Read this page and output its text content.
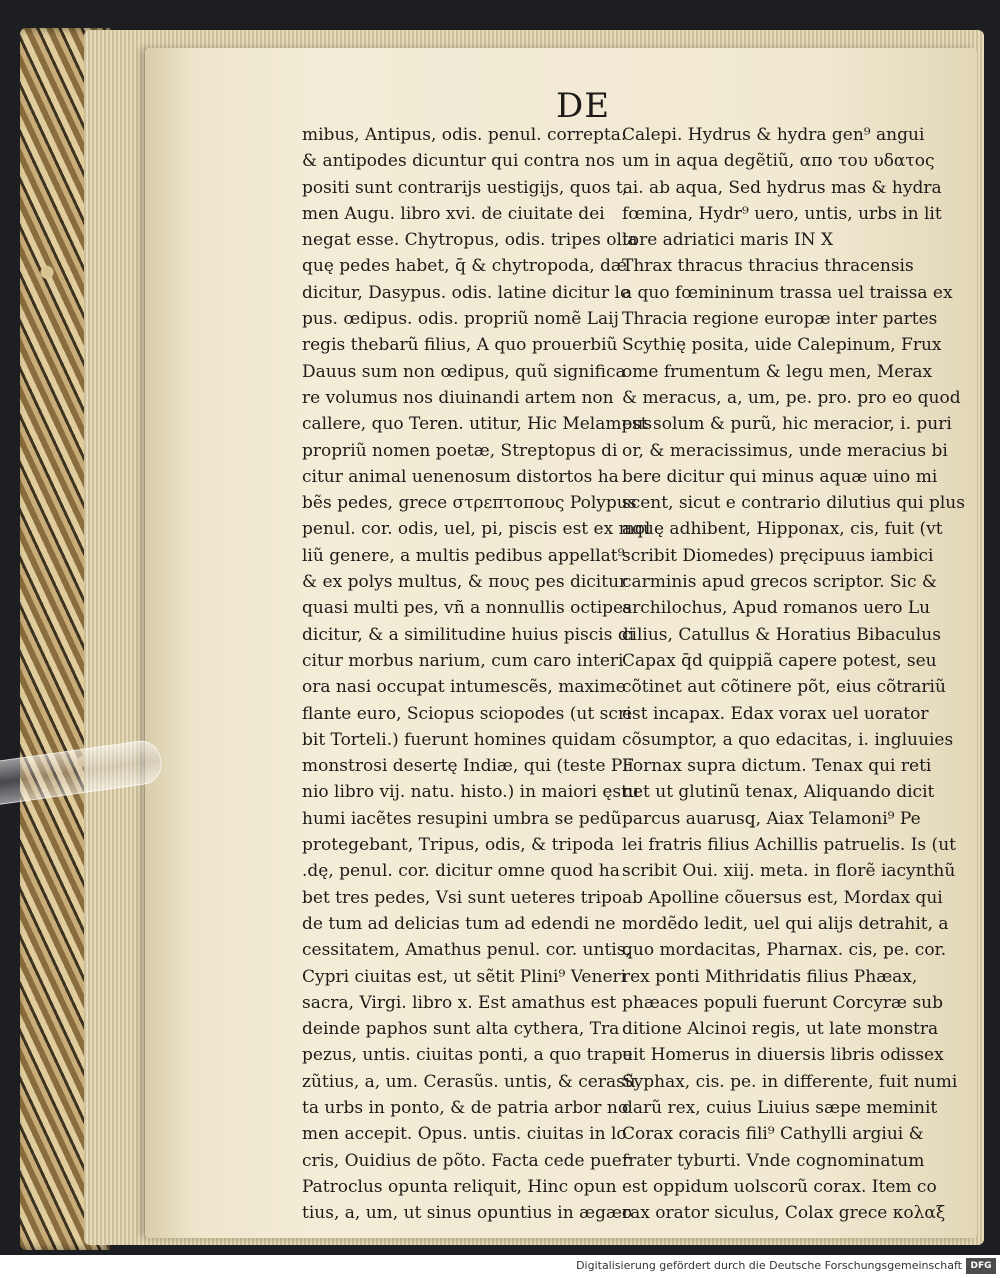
DE
mibus, Antipus, odis. penul. correpta.
& antipodes dicuntur qui contra nos
positi sunt contrarijs uestigijs, quos ta
men Augu. libro xvi. de ciuitate dei
negat esse. Chytropus, odis. tripes olla
quę pedes habet, q̄ & chytropoda, dæ
dicitur, Dasypus. odis. latine dicitur le
pus. œdipus. odis. propriũ nomẽ Laij
regis thebarũ filius, A quo prouerbiũ
Dauus sum non œdipus, quũ significa
re volumus nos diuinandi artem non
callere, quo Teren. utitur, Hic Melampus
propriũ nomen poetæ, Streptopus di
citur animal uenenosum distortos ha
bẽs pedes, grece στρεπτοπους Polypus
penul. cor. odis, uel, pi, piscis est ex mol
liũ genere, a multis pedibus appellat⁹
& ex polys multus, & πους pes dicitur
quasi multi pes, vñ a nonnullis octipes
dicitur, & a similitudine huius piscis di
citur morbus narium, cum caro interi
ora nasi occupat intumescẽs, maxime
flante euro, Sciopus sciopodes (ut scri
bit Torteli.) fuerunt homines quidam
monstrosi desertę Indiæ, qui (teste Pli
nio libro vij. natu. histo.) in maiori ęstu
humi iacẽtes resupini umbra se pedũ
protegebant, Tripus, odis, & tripoda
.dę, penul. cor. dicitur omne quod ha
bet tres pedes, Vsi sunt ueteres tripo
de tum ad delicias tum ad edendi ne
cessitatem, Amathus penul. cor. untis,
Cypri ciuitas est, ut sẽtit Plini⁹ Veneri
sacra, Virgi. libro x. Est amathus est
deinde paphos sunt alta cythera, Tra
pezus, untis. ciuitas ponti, a quo trape
zũtius, a, um. Cerasũs. untis, & cerasũ
ta urbs in ponto, & de patria arbor no
men accepit. Opus. untis. ciuitas in lo
cris, Ouidius de põto. Facta cede puer
Patroclus opunta reliquit, Hinc opun
tius, a, um, ut sinus opuntius in ægæo
Calepi. Hydrus & hydra gen⁹ angui
um in aqua degẽtiũ, απο του υδατος
, i. ab aqua, Sed hydrus mas & hydra
fœmina, Hydr⁹ uero, untis, urbs in lit
tore adriatici maris IN X
Thrax thracus thracius thracensis
a quo fœmininum trassa uel traissa ex
Thracia regione europæ inter partes
Scythię posita, uide Calepinum, Frux
ome frumentum & legu men, Merax
& meracus, a, um, pe. pro. pro eo quod
est solum & purũ, hic meracior, i. puri
or, & meracissimus, unde meracius bi
bere dicitur qui minus aquæ uino mi
scent, sicut e contrario dilutius qui plus
aquę adhibent, Hipponax, cis, fuit (vt
scribit Diomedes) pręcipuus iambici
carminis apud grecos scriptor. Sic &
archilochus, Apud romanos uero Lu
cilius, Catullus & Horatius Bibaculus
Capax q̄d quippiã capere potest, seu
cõtinet aut cõtinere põt, eius cõtrariũ
est incapax. Edax vorax uel uorator
cõsumptor, a quo edacitas, i. ingluuies
Fornax supra dictum. Tenax qui reti
net ut glutinũ tenax, Aliquando dicit
parcus auarusq̧, Aiax Telamoni⁹ Pe
lei fratris filius Achillis patruelis. Is (ut
scribit Oui. xiij. meta. in florẽ iacynthũ
ab Apolline cõuersus est, Mordax qui
mordẽdo ledit, uel qui alijs detrahit, a
quo mordacitas, Pharnax. cis, pe. cor.
rex ponti Mithridatis filius Phæax,
phæaces populi fuerunt Corcyræ sub
ditione Alcinoi regis, ut late monstra
uit Homerus in diuersis libris odissex
Syphax, cis. pe. in differente, fuit numi
darũ rex, cuius Liuius sæpe meminit
Corax coracis fili⁹ Cathylli argiui &
frater tyburti. Vnde cognominatum
est oppidum uolscorũ corax. Item co
rax orator siculus, Colax grece κολαξ
Digitalisierung gefördert durch die Deutsche Forschungsgemeinschaft DFG
